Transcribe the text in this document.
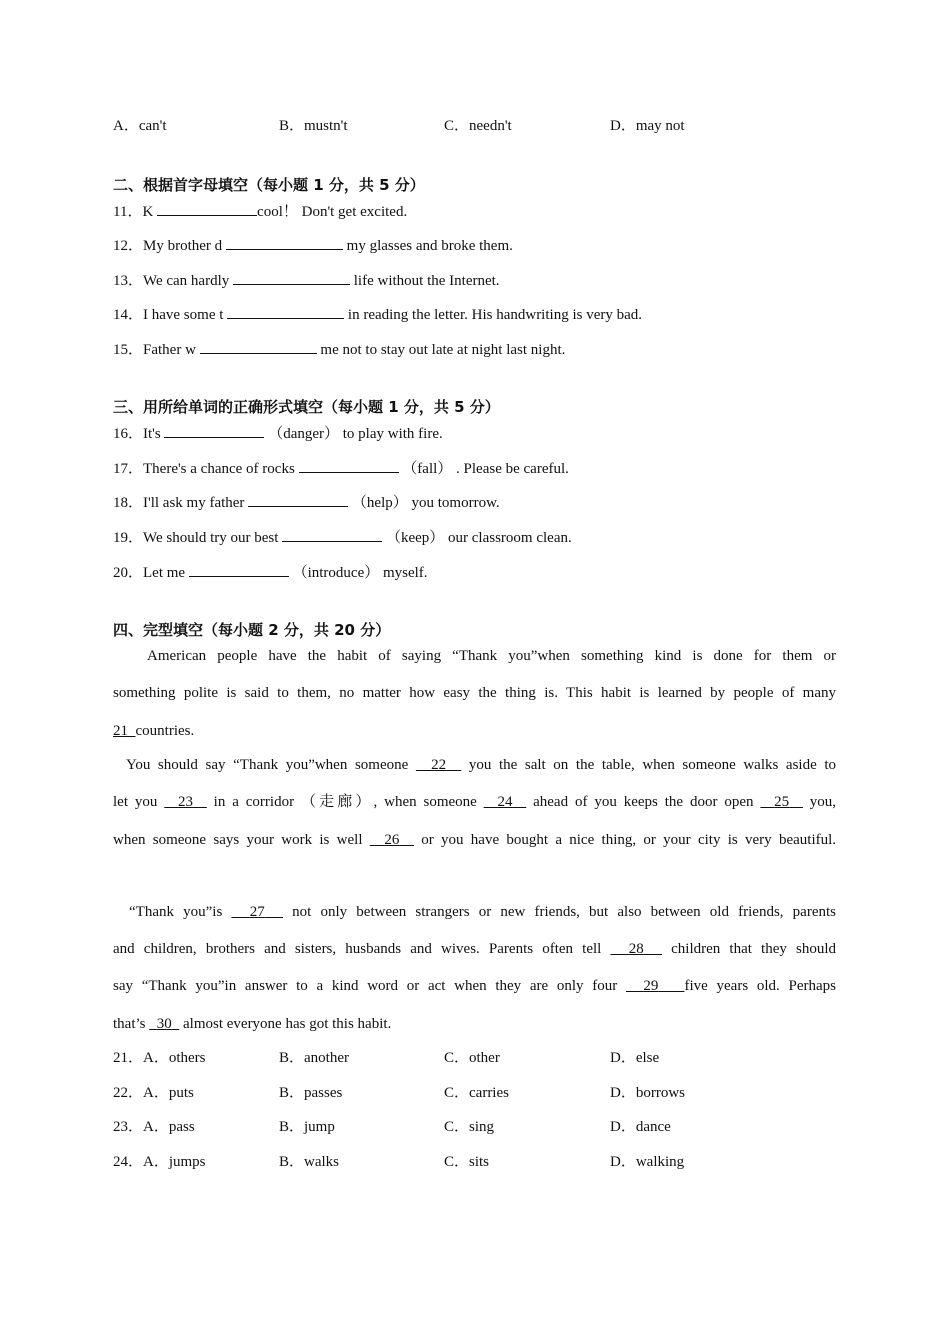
A．can't	B．mustn't	C．needn't	D．may not
二、根据首字母填空（每小题 1 分，共 5 分）
11．K	cool！ Don't get excited.
12．My brother d	my glasses and broke them.
13．We can hardly	life without the Internet.
14．I have some t	in reading the letter. His handwriting is very bad.
15．Father w	me not to stay out late at night last night.
三、用所给单词的正确形式填空（每小题 1 分，共 5 分）
16．It's	（danger） to play with fire.
17．There's a chance of rocks	（fall） . Please be careful.
18．I'll ask my father	（help） you tomorrow.
19．We should try our best	（keep） our classroom clean.
20．Let me	（introduce） myself.
四、完型填空（每小题 2 分，共 20 分）
American people have the habit of saying “Thank you”when something kind is done for them or
something polite is said to them, no matter how easy the thing is. This habit is learned by people of many
21 countries.
You should say “Thank you”when someone   22   you the salt on the table, when someone walks aside to
let you   23   in a corridor （走廊）, when someone   24   ahead of you keeps the door open   25   you,
when someone says your work is well   26   or you have bought a nice thing, or your city is very beautiful.
“Thank you”is   27   not only between strangers or new friends, but also between old friends, parents
and children, brothers and sisters, husbands and wives. Parents often tell   28   children that they should
say “Thank you”in answer to a kind word or act when they are only four   29 five years old. Perhaps
that’s   30   almost everyone has got this habit.
21．A．others	B．another	C．other	D．else
22．A．puts	B．passes	C．carries	D．borrows
23．A．pass	B．jump	C．sing	D．dance
24．A．jumps	B．walks	C．sits	D．walking
